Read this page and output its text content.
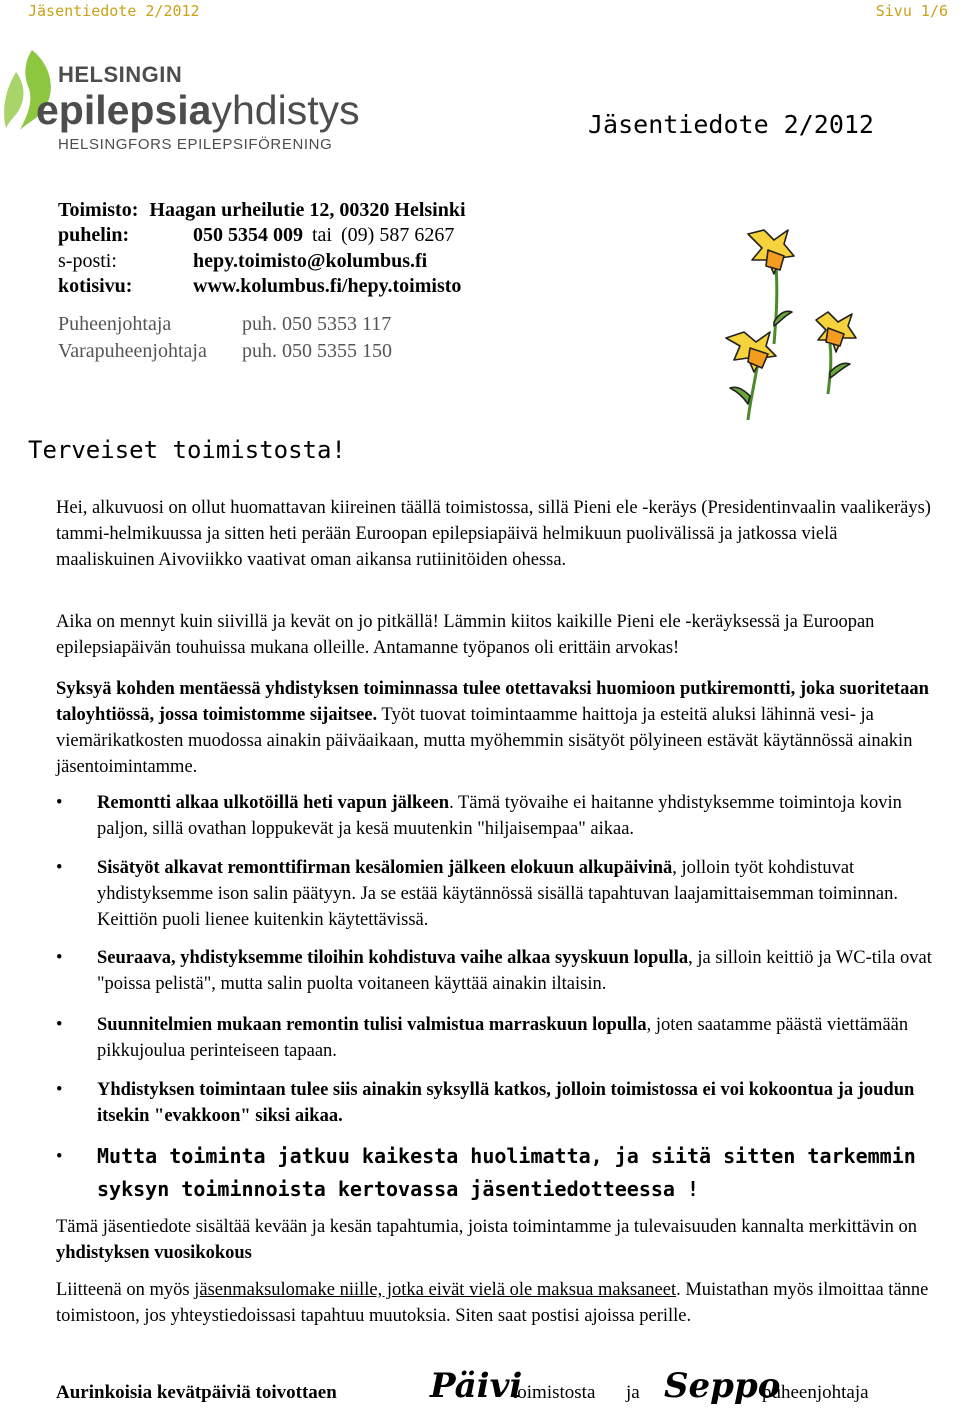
Jäsentiedote 2/2012	Sivu 1/6
HELSINGIN
epilepsiayhdistys
HELSINGFORS EPILEPSIFÖRENING
Jäsentiedote 2/2012
Toimisto: Haagan urheilutie 12, 00320 Helsinki
puhelin:	050 5354 009 tai (09) 587 6267
s-posti:	hepy.toimisto@kolumbus.fi
kotisivu:	www.kolumbus.fi/hepy.toimisto
Puheenjohtaja	puh. 050 5353 117
Varapuheenjohtaja puh. 050 5355 150
Terveiset toimistosta!
Hei, alkuvuosi on ollut huomattavan kiireinen täällä toimistossa, sillä Pieni ele -keräys (Presidentinvaalin vaalikeräys) tammi-helmikuussa ja sitten heti perään Euroopan epilepsiapäivä helmikuun puolivälissä ja jatkossa vielä maaliskuinen Aivoviikko vaativat oman aikansa rutiinitöiden ohessa.
Aika on mennyt kuin siivillä ja kevät on jo pitkällä! Lämmin kiitos kaikille Pieni ele -keräyksessä ja Euroopan epilepsiapäivän touhuissa mukana olleille. Antamanne työpanos oli erittäin arvokas!
Syksyä kohden mentäessä yhdistyksen toiminnassa tulee otettavaksi huomioon putkiremontti, joka suoritetaan taloyhtiössä, jossa toimistomme sijaitsee. Työt tuovat toimintaamme haittoja ja esteitä aluksi lähinnä vesi- ja viemärikatkosten muodossa ainakin päiväaikaan, mutta myöhemmin sisätyöt pölyineen estävät käytännössä ainakin jäsentoimintamme.
•	Remontti alkaa ulkotöillä heti vapun jälkeen. Tämä työvaihe ei haitanne yhdistyksemme toimintoja kovin paljon, sillä ovathan loppukevät ja kesä muutenkin "hiljaisempaa" aikaa.
•	Sisätyöt alkavat remonttifirman kesälomien jälkeen elokuun alkupäivinä, jolloin työt kohdistuvat yhdistyksemme ison salin päätyyn. Ja se estää käytännössä sisällä tapahtuvan laajamittaisemman toiminnan. Keittiön puoli lienee kuitenkin käytettävissä.
•	Seuraava, yhdistyksemme tiloihin kohdistuva vaihe alkaa syyskuun lopulla, ja silloin keittiö ja WC-tila ovat "poissa pelistä", mutta salin puolta voitaneen käyttää ainakin iltaisin.
•	Suunnitelmien mukaan remontin tulisi valmistua marraskuun lopulla, joten saatamme päästä viettämään pikkujoulua perinteiseen tapaan.
•	Yhdistyksen toimintaan tulee siis ainakin syksyllä katkos, jolloin toimistossa ei voi kokoontua ja joudun itsekin "evakkoon" siksi aikaa.
•	Mutta toiminta jatkuu kaikesta huolimatta, ja siitä sitten tarkemmin syksyn toiminnoista kertovassa jäsentiedotteessa !
Tämä jäsentiedote sisältää kevään ja kesän tapahtumia, joista toimintamme ja tulevaisuuden kannalta merkittävin on yhdistyksen vuosikokous
Liitteenä on myös jäsenmaksulomake niille, jotka eivät vielä ole maksua maksaneet. Muistathan myös ilmoittaa tänne toimistoon, jos yhteystiedoissasi tapahtuu muutoksia. Siten saat postisi ajoissa perille.
Aurinkoisia kevätpäiviä toivottaen	Päivi
toimistosta ja Seppo
puheenjohtaja
